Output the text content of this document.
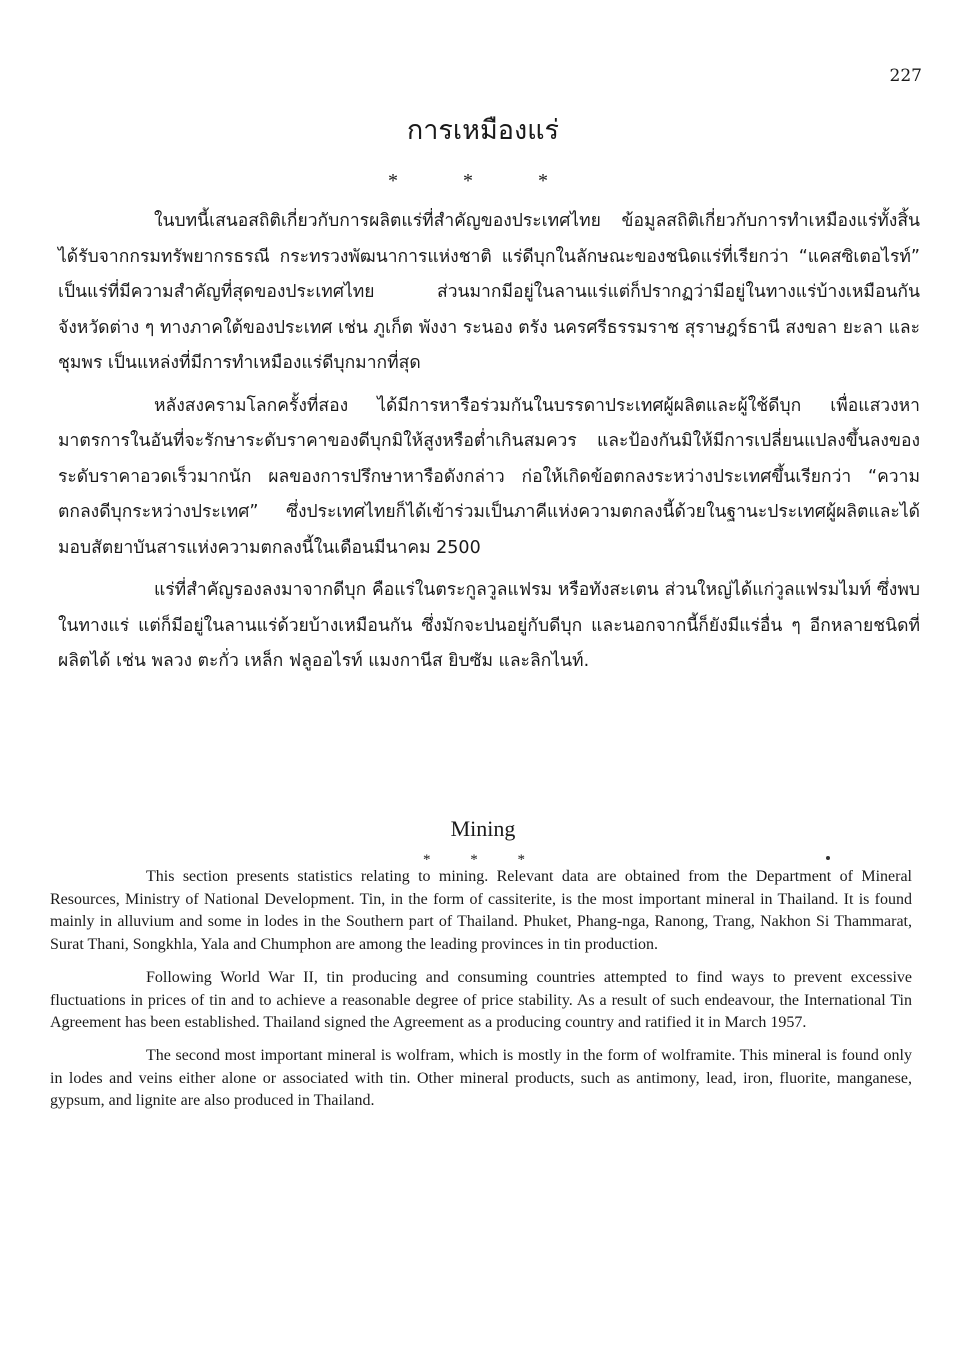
227
การเหมืองแร่
* * *

ในบทนี้เสนอสถิติเกี่ยวกับการผลิตแร่ที่สำคัญของประเทศไทย ข้อมูลสถิติเกี่ยวกับการทำเหมืองแร่ทั้งสิ้น ได้รับจากกรมทรัพยากรธรณี กระทรวงพัฒนาการแห่งชาติ แร่ดีบุกในลักษณะของชนิดแร่ที่เรียกว่า “แคสซิเตอไรท์” เป็นแร่ที่มีความสำคัญที่สุดของประเทศไทย ส่วนมากมีอยู่ในลานแร่แต่ก็ปรากฏว่ามีอยู่ในทางแร่บ้างเหมือนกัน จังหวัดต่าง ๆ ทางภาคใต้ของประเทศ เช่น ภูเก็ต พังงา ระนอง ตรัง นครศรีธรรมราช สุราษฎร์ธานี สงขลา ยะลา และชุมพร เป็นแหล่งที่มีการทำเหมืองแร่ดีบุกมากที่สุด

หลังสงครามโลกครั้งที่สอง ได้มีการหารือร่วมกันในบรรดาประเทศผู้ผลิตและผู้ใช้ดีบุก เพื่อแสวงหามาตรการในอันที่จะรักษาระดับราคาของดีบุกมิให้สูงหรือต่ำเกินสมควร และป้องกันมิให้มีการเปลี่ยนแปลงขึ้นลงของระดับราคาอวดเร็วมากนัก ผลของการปรึกษาหารือดังกล่าว ก่อให้เกิดข้อตกลงระหว่างประเทศขึ้นเรียกว่า “ความตกลงดีบุกระหว่างประเทศ” ซึ่งประเทศไทยก็ได้เข้าร่วมเป็นภาคีแห่งความตกลงนี้ด้วยในฐานะประเทศผู้ผลิตและได้มอบสัตยาบันสารแห่งความตกลงนี้ในเดือนมีนาคม 2500

แร่ที่สำคัญรองลงมาจากดีบุก คือแร่ในตระกูลวูลแฟรม หรือทังสะเตน ส่วนใหญ่ได้แก่วูลแฟรมไมท์ ซึ่งพบในทางแร่ แต่ก็มีอยู่ในลานแร่ด้วยบ้างเหมือนกัน ซึ่งมักจะปนอยู่กับดีบุก และนอกจากนี้ก็ยังมีแร่อื่น ๆ อีกหลายชนิดที่ผลิตได้ เช่น พลวง ตะกั่ว เหล็ก ฟลูออไรท์ แมงกานีส ยิบซัม และลิกไนท์.

Mining
* * *

This section presents statistics relating to mining. Relevant data are obtained from the Department of Mineral Resources, Ministry of National Development. Tin, in the form of cassiterite, is the most important mineral in Thailand. It is found mainly in alluvium and some in lodes in the Southern part of Thailand. Phuket, Phang-nga, Ranong, Trang, Nakhon Si Thammarat, Surat Thani, Songkhla, Yala and Chumphon are among the leading provinces in tin production.

Following World War II, tin producing and consuming countries attempted to find ways to prevent excessive fluctuations in prices of tin and to achieve a reasonable degree of price stability. As a result of such endeavour, the International Tin Agreement has been established. Thailand signed the Agreement as a producing country and ratified it in March 1957.

The second most important mineral is wolfram, which is mostly in the form of wolframite. This mineral is found only in lodes and veins either alone or associated with tin. Other mineral products, such as antimony, lead, iron, fluorite, manganese, gypsum, and lignite are also produced in Thailand.
